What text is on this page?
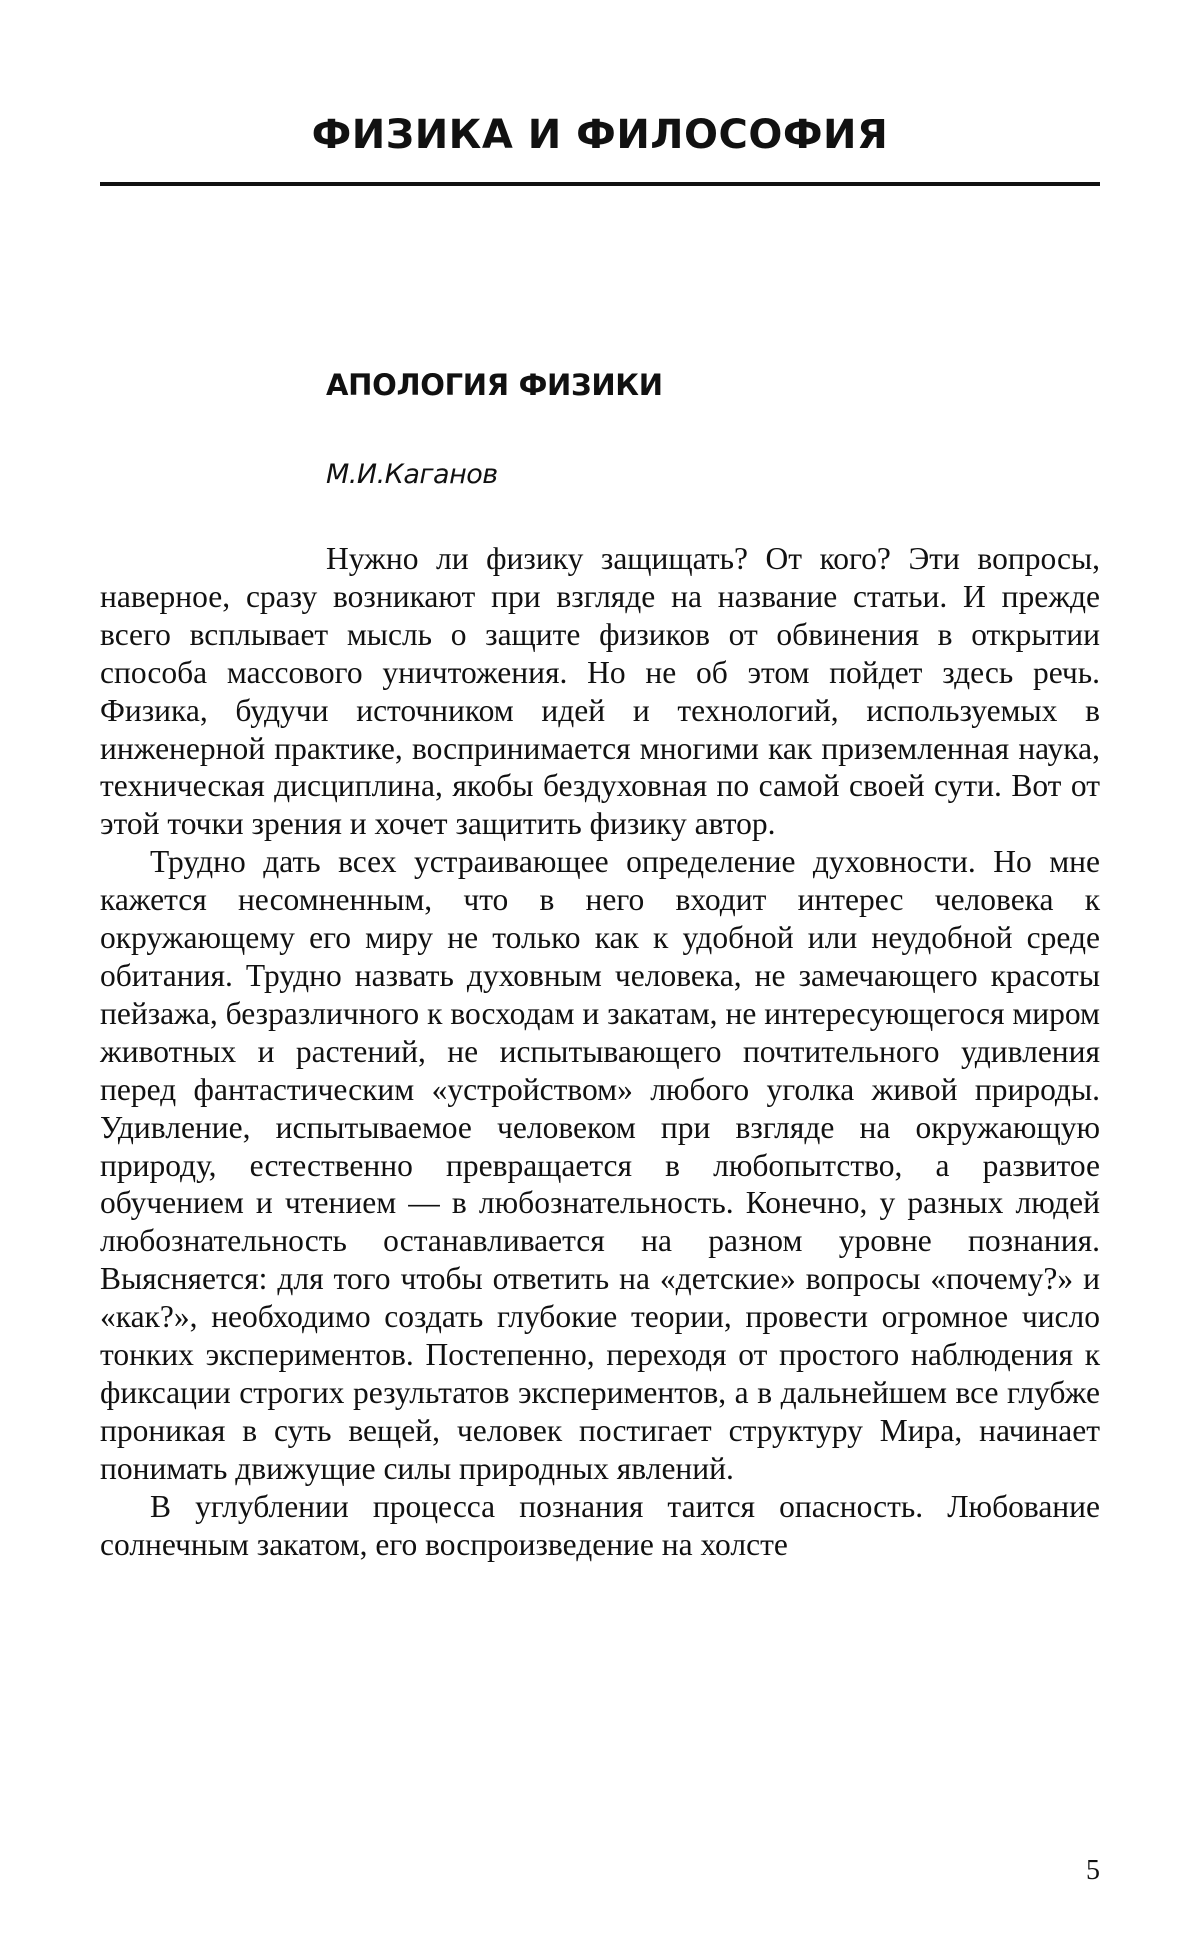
ФИЗИКА И ФИЛОСОФИЯ
АПОЛОГИЯ ФИЗИКИ
М.И.Каганов

Нужно ли физику защищать? От кого? Эти вопросы, наверное, сразу возникают при взгляде на название статьи. И прежде всего всплывает мысль о защите физиков от обвинения в открытии способа массового уничтожения. Но не об этом пойдет здесь речь. Физика, будучи источником идей и технологий, используемых в инженерной практике, воспринимается многими как приземленная наука, техническая дисциплина, якобы бездуховная по самой своей сути. Вот от этой точки зрения и хочет защитить физику автор.

Трудно дать всех устраивающее определение духовности. Но мне кажется несомненным, что в него входит интерес человека к окружающему его миру не только как к удобной или неудобной среде обитания. Трудно назвать духовным человека, не замечающего красоты пейзажа, безразличного к восходам и закатам, не интересующегося миром животных и растений, не испытывающего почтительного удивления перед фантастическим «устройством» любого уголка живой природы. Удивление, испытываемое человеком при взгляде на окружающую природу, естественно превращается в любопытство, а развитое обучением и чтением — в любознательность. Конечно, у разных людей любознательность останавливается на разном уровне познания. Выясняется: для того чтобы ответить на «детские» вопросы «почему?» и «как?», необходимо создать глубокие теории, провести огромное число тонких экспериментов. Постепенно, переходя от простого наблюдения к фиксации строгих результатов экспериментов, а в дальнейшем все глубже проникая в суть вещей, человек постигает структуру Мира, начинает понимать движущие силы природных явлений.

В углублении процесса познания таится опасность. Любование солнечным закатом, его воспроизведение на холсте

5
